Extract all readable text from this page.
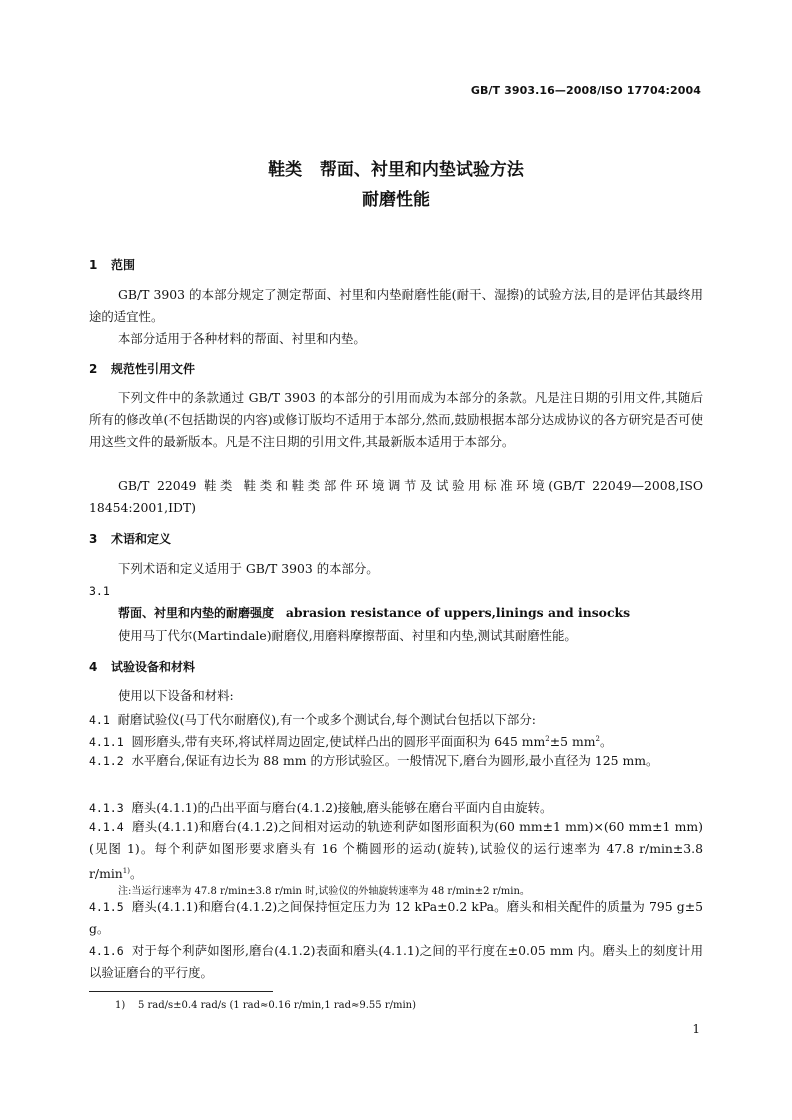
GB/T 3903.16—2008/ISO 17704:2004
鞋类   帮面、衬里和内垫试验方法
耐磨性能
1 范围
GB/T 3903 的本部分规定了测定帮面、衬里和内垫耐磨性能(耐干、湿擦)的试验方法,目的是评估其最终用途的适宜性。
本部分适用于各种材料的帮面、衬里和内垫。
2 规范性引用文件
下列文件中的条款通过 GB/T 3903 的本部分的引用而成为本部分的条款。凡是注日期的引用文件,其随后所有的修改单(不包括勘误的内容)或修订版均不适用于本部分,然而,鼓励根据本部分达成协议的各方研究是否可使用这些文件的最新版本。凡是不注日期的引用文件,其最新版本适用于本部分。
GB/T 22049 鞋类 鞋类和鞋类部件环境调节及试验用标准环境(GB/T 22049—2008,ISO 18454:2001,IDT)
3 术语和定义
下列术语和定义适用于 GB/T 3903 的本部分。
3.1
帮面、衬里和内垫的耐磨强度 abrasion resistance of uppers,linings and insocks
使用马丁代尔(Martindale)耐磨仪,用磨料摩擦帮面、衬里和内垫,测试其耐磨性能。
4 试验设备和材料
使用以下设备和材料:
4.1 耐磨试验仪(马丁代尔耐磨仪),有一个或多个测试台,每个测试台包括以下部分:
4.1.1 圆形磨头,带有夹环,将试样周边固定,使试样凸出的圆形平面面积为 645 $mm^2\pm 5$ $mm^2$。
4.1.2 水平磨台,保证有边长为 88 mm 的方形试验区。一般情况下,磨台为圆形,最小直径为 125 mm。
4.1.3 磨头(4.1.1)的凸出平面与磨台(4.1.2)接触,磨头能够在磨台平面内自由旋转。
4.1.4 磨头(4.1.1)和磨台(4.1.2)之间相对运动的轨迹利萨如图形面积为(60 mm±1 mm)×(60 mm±1 mm)(见图 1)。每个利萨如图形要求磨头有 16 个椭圆形的运动(旋转),试验仪的运行速率为 47.8 r/min±3.8 $r/\min^{1)}$。
注:当运行速率为 47.8 r/min±3.8 r/min 时,试验仪的外轴旋转速率为 48 r/min±2 r/min。
4.1.5 磨头(4.1.1)和磨台(4.1.2)之间保持恒定压力为 12 kPa±0.2 kPa。磨头和相关配件的质量为 795 g±5 g。
4.1.6 对于每个利萨如图形,磨台(4.1.2)表面和磨头(4.1.1)之间的平行度在±0.05 mm 内。磨头上的刻度计用以验证磨台的平行度。
1) 5 rad/s±0.4 rad/s (1 rad≈0.16 r/min,1 rad≈9.55 r/min)
1
